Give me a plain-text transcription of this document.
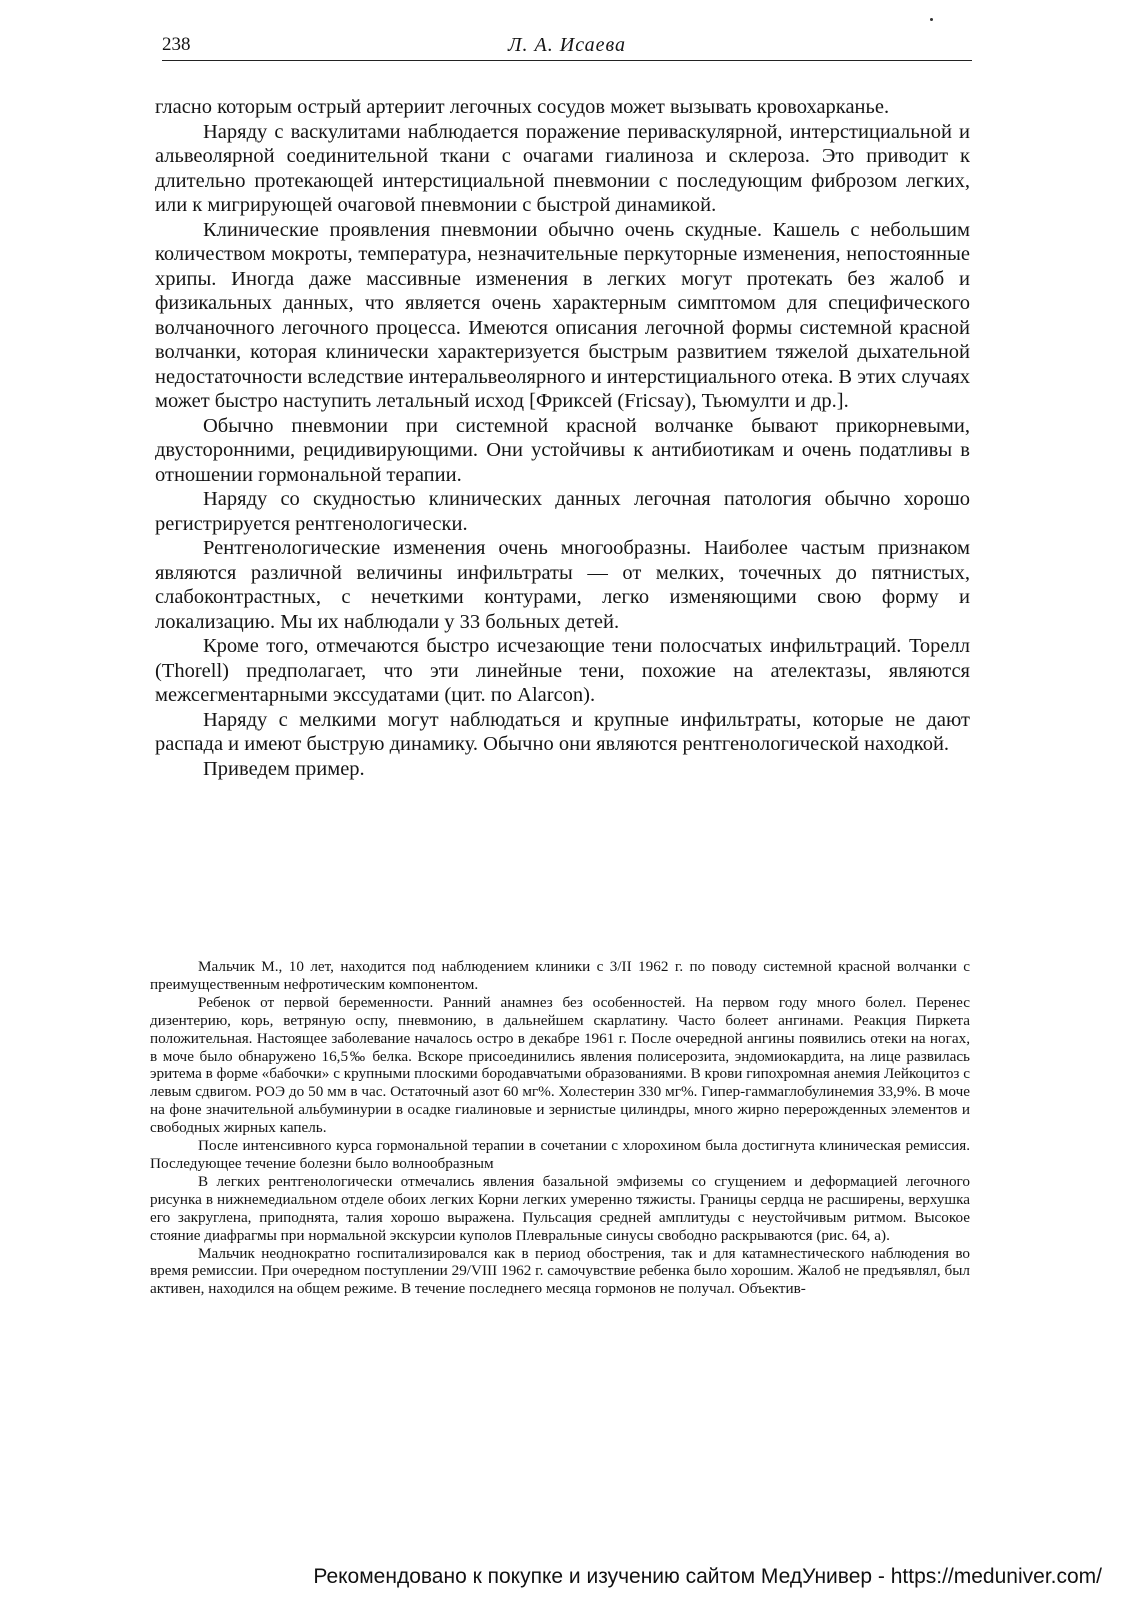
238	Л. А. Исаева

гласно которым острый артериит легочных сосудов может вызывать кровохарканье.

Наряду с васкулитами наблюдается поражение периваскулярной, интерстициальной и альвеолярной соединительной ткани с очагами гиалиноза и склероза. Это приводит к длительно протекающей интерстициальной пневмонии с последующим фиброзом легких, или к мигрирующей очаговой пневмонии с быстрой динамикой.

Клинические проявления пневмонии обычно очень скудные. Кашель с небольшим количеством мокроты, температура, незначительные перкуторные изменения, непостоянные хрипы. Иногда даже массивные изменения в легких могут протекать без жалоб и физикальных данных, что является очень характерным симптомом для специфического волчаночного легочного процесса. Имеются описания легочной формы системной красной волчанки, которая клинически характеризуется быстрым развитием тяжелой дыхательной недостаточности вследствие интеральвеолярного и интерстициального отека. В этих случаях может быстро наступить летальный исход [Фриксей (Fricsay), Тьюмулти и др.].

Обычно пневмонии при системной красной волчанке бывают прикорневыми, двусторонними, рецидивирующими. Они устойчивы к антибиотикам и очень податливы в отношении гормональной терапии.

Наряду со скудностью клинических данных легочная патология обычно хорошо регистрируется рентгенологически.

Рентгенологические изменения очень многообразны. Наиболее частым признаком являются различной величины инфильтраты — от мелких, точечных до пятнистых, слабоконтрастных, с нечеткими контурами, легко изменяющими свою форму и локализацию. Мы их наблюдали у 33 больных детей.

Кроме того, отмечаются быстро исчезающие тени полосчатых инфильтраций. Торелл (Thorell) предполагает, что эти линейные тени, похожие на ателектазы, являются межсегментарными экссудатами (цит. по Alarcon).

Наряду с мелкими могут наблюдаться и крупные инфильтраты, которые не дают распада и имеют быструю динамику. Обычно они являются рентгенологической находкой.

Приведем пример.

Мальчик М., 10 лет, находится под наблюдением клиники с 3/II 1962 г. по поводу системной красной волчанки с преимущественным нефротическим компонентом.

Ребенок от первой беременности. Ранний анамнез без особенностей. На первом году много болел. Перенес дизентерию, корь, ветряную оспу, пневмонию, в дальнейшем скарлатину. Часто болеет ангинами. Реакция Пиркета положительная. Настоящее заболевание началось остро в декабре 1961 г. После очередной ангины появились отеки на ногах, в моче было обнаружено 16,5‰ белка. Вскоре присоединились явления полисерозита, эндомиокардита, на лице развилась эритема в форме «бабочки» с крупными плоскими бородавчатыми образованиями. В крови гипохромная анемия Лейкоцитоз с левым сдвигом. РОЭ до 50 мм в час. Остаточный азот 60 мг%. Холестерин 330 мг%. Гипер-гаммаглобулинемия 33,9%. В моче на фоне значительной альбуминурии в осадке гиалиновые и зернистые цилиндры, много жирно перерожденных элементов и свободных жирных капель.

После интенсивного курса гормональной терапии в сочетании с хлорохином была достигнута клиническая ремиссия. Последующее течение болезни было волнообразным

В легких рентгенологически отмечались явления базальной эмфиземы со сгущением и деформацией легочного рисунка в нижнемедиальном отделе обоих легких Корни легких умеренно тяжисты. Границы сердца не расширены, верхушка его закруглена, приподнята, талия хорошо выражена. Пульсация средней амплитуды с неустойчивым ритмом. Высокое стояние диафрагмы при нормальной экскурсии куполов Плевральные синусы свободно раскрываются (рис. 64, а).

Мальчик неоднократно госпитализировался как в период обострения, так и для катамнестического наблюдения во время ремиссии. При очередном поступлении 29/VIII 1962 г. самочувствие ребенка было хорошим. Жалоб не предъявлял, был активен, находился на общем режиме. В течение последнего месяца гормонов не получал. Объектив-

Рекомендовано к покупке и изучению сайтом МедУнивер - https://meduniver.com/
